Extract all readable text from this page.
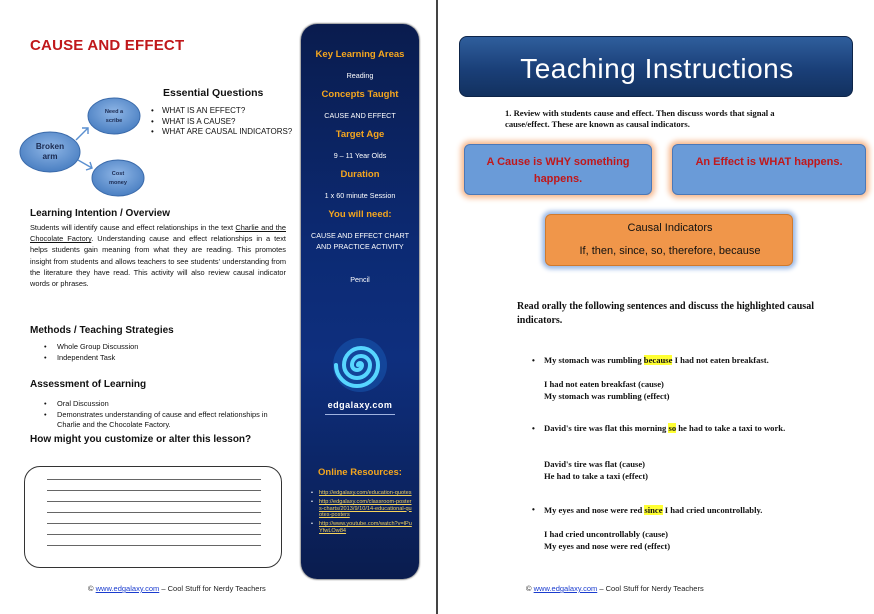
CAUSE AND EFFECT
Broken arm
Need a scribe
Cost money
Essential Questions
• WHAT IS AN EFFECT?
• WHAT IS A CAUSE?
• WHAT ARE CAUSAL INDICATORS?
Learning Intention / Overview
Students will identify cause and effect relationships in the text Charlie and the Chocolate Factory. Understanding cause and effect relationships in a text helps students gain meaning from what they are reading. This promotes insight from students and allows teachers to see students' understanding from the literature they have read. This activity will also review causal indicator words or phrases.
Methods / Teaching Strategies
• Whole Group Discussion
• Independent Task
Assessment of Learning
• Oral Discussion
• Demonstrates understanding of cause and effect relationships in Charlie and the Chocolate Factory.
How might you customize or alter this lesson?
© www.edgalaxy.com – Cool Stuff for Nerdy Teachers
Key Learning Areas
Reading
Concepts Taught
CAUSE AND EFFECT
Target Age
9 – 11 Year Olds
Duration
1 x 60 minute Session
You will need:
CAUSE AND EFFECT CHART AND PRACTICE ACTIVITY
Pencil
edgalaxy.com
Online Resources:
• http://edgalaxy.com/education-quotes
• http://edgalaxy.com/classroom-posters-charts/2013/9/10/14-educational-quotes-posters
• http://www.youtube.com/watch?v=lPuYfwLOw84
Teaching Instructions
1. Review with students cause and effect. Then discuss words that signal a cause/effect. These are known as causal indicators.
A Cause is WHY something happens.
An Effect is WHAT happens.
Causal Indicators
If, then, since, so, therefore, because
Read orally the following sentences and discuss the highlighted causal indicators.
• My stomach was rumbling because I had not eaten breakfast.
I had not eaten breakfast (cause)
My stomach was rumbling (effect)
• David's tire was flat this morning so he had to take a taxi to work.
David's tire was flat (cause)
He had to take a taxi (effect)
• My eyes and nose were red since I had cried uncontrollably.
I had cried uncontrollably (cause)
My eyes and nose were red (effect)
© www.edgalaxy.com – Cool Stuff for Nerdy Teachers
